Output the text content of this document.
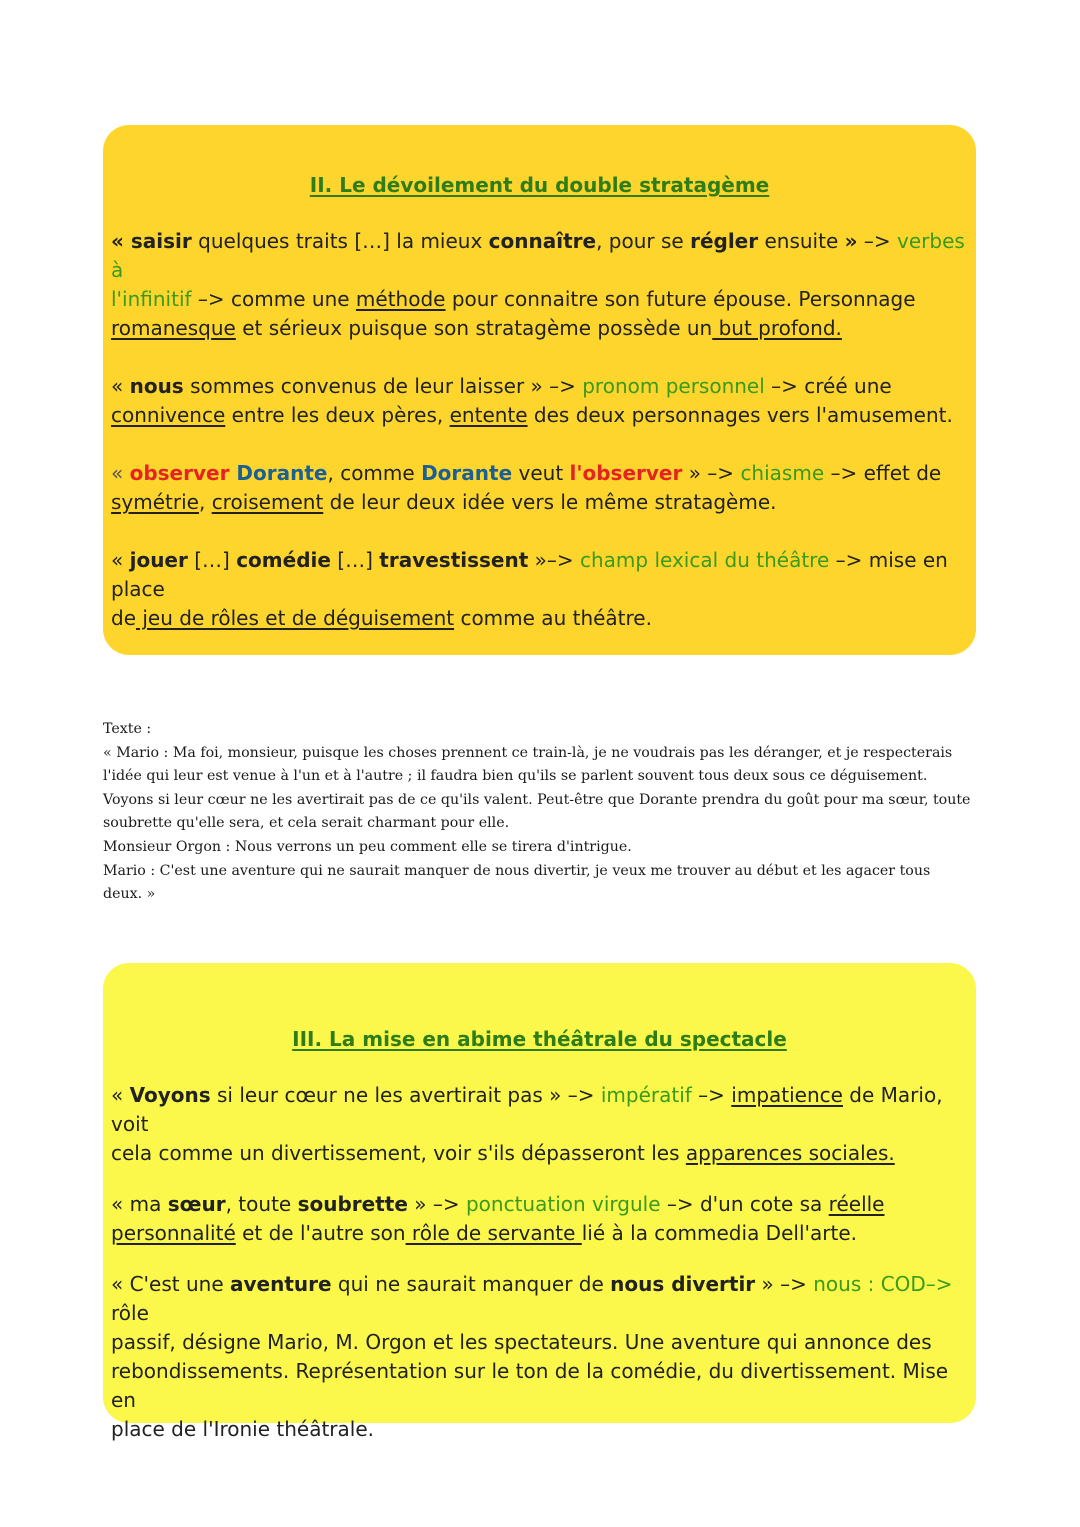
II. Le dévoilement du double stratagème
« saisir quelques traits […] la mieux connaître, pour se régler ensuite » –> verbes à
l'infinitif –> comme une méthode pour connaitre son future épouse. Personnage
romanesque et sérieux puisque son stratagème possède un but profond.
« nous sommes convenus de leur laisser » –> pronom personnel –> créé une
connivence entre les deux pères, entente des deux personnages vers l'amusement.
« observer Dorante, comme Dorante veut l'observer » –> chiasme –> effet de
symétrie, croisement de leur deux idée vers le même stratagème.
« jouer […] comédie […] travestissent »–> champ lexical du théâtre –> mise en place
de jeu de rôles et de déguisement comme au théâtre.
Texte :
« Mario : Ma foi, monsieur, puisque les choses prennent ce train-là, je ne voudrais pas les déranger, et je respecterais
l'idée qui leur est venue à l'un et à l'autre ; il faudra bien qu'ils se parlent souvent tous deux sous ce déguisement.
Voyons si leur cœur ne les avertirait pas de ce qu'ils valent. Peut-être que Dorante prendra du goût pour ma sœur, toute
soubrette qu'elle sera, et cela serait charmant pour elle.
Monsieur Orgon : Nous verrons un peu comment elle se tirera d'intrigue.
Mario : C'est une aventure qui ne saurait manquer de nous divertir, je veux me trouver au début et les agacer tous
deux. »
III. La mise en abime théâtrale du spectacle
« Voyons si leur cœur ne les avertirait pas » –> impératif –> impatience de Mario, voit
cela comme un divertissement, voir s'ils dépasseront les apparences sociales.
« ma sœur, toute soubrette » –> ponctuation virgule –> d'un cote sa réelle
personnalité et de l'autre son rôle de servante lié à la commedia Dell'arte.
« C'est une aventure qui ne saurait manquer de nous divertir » –> nous : COD–> rôle
passif, désigne Mario, M. Orgon et les spectateurs. Une aventure qui annonce des
rebondissements. Représentation sur le ton de la comédie, du divertissement. Mise en
place de l'Ironie théâtrale.
